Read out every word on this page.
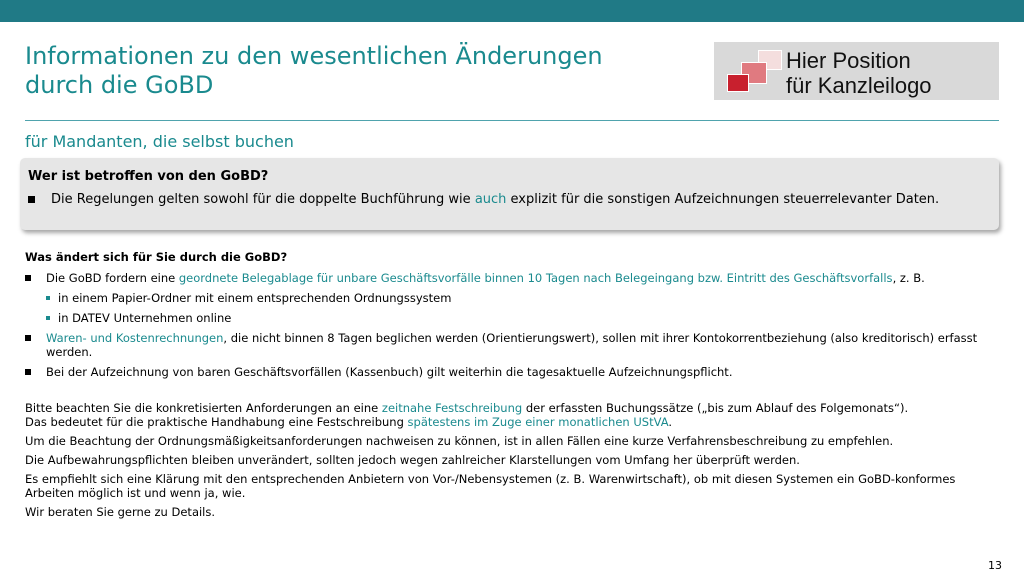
Informationen zu den wesentlichen Änderungen
durch die GoBD
Hier Position
für Kanzleilogo
für Mandanten, die selbst buchen
Wer ist betroffen von den GoBD?
Die Regelungen gelten sowohl für die doppelte Buchführung wie auch explizit für die sonstigen Aufzeichnungen steuerrelevanter Daten.
Was ändert sich für Sie durch die GoBD?
Die GoBD fordern eine geordnete Belegablage für unbare Geschäftsvorfälle binnen 10 Tagen nach Belegeingang bzw. Eintritt des Geschäftsvorfalls, z. B.
in einem Papier-Ordner mit einem entsprechenden Ordnungssystem
in DATEV Unternehmen online
Waren- und Kostenrechnungen, die nicht binnen 8 Tagen beglichen werden (Orientierungswert), sollen mit ihrer Kontokorrentbeziehung (also kreditorisch) erfasst werden.
Bei der Aufzeichnung von baren Geschäftsvorfällen (Kassenbuch) gilt weiterhin die tagesaktuelle Aufzeichnungspflicht.

Bitte beachten Sie die konkretisierten Anforderungen an eine zeitnahe Festschreibung der erfassten Buchungssätze („bis zum Ablauf des Folgemonats“).
Das bedeutet für die praktische Handhabung eine Festschreibung spätestens im Zuge einer monatlichen UStVA.

Um die Beachtung der Ordnungsmäßigkeitsanforderungen nachweisen zu können, ist in allen Fällen eine kurze Verfahrensbeschreibung zu empfehlen.

Die Aufbewahrungspflichten bleiben unverändert, sollten jedoch wegen zahlreicher Klarstellungen vom Umfang her überprüft werden.

Es empfiehlt sich eine Klärung mit den entsprechenden Anbietern von Vor-/Nebensystemen (z. B. Warenwirtschaft), ob mit diesen Systemen ein GoBD-konformes Arbeiten möglich ist und wenn ja, wie.

Wir beraten Sie gerne zu Details.

13
